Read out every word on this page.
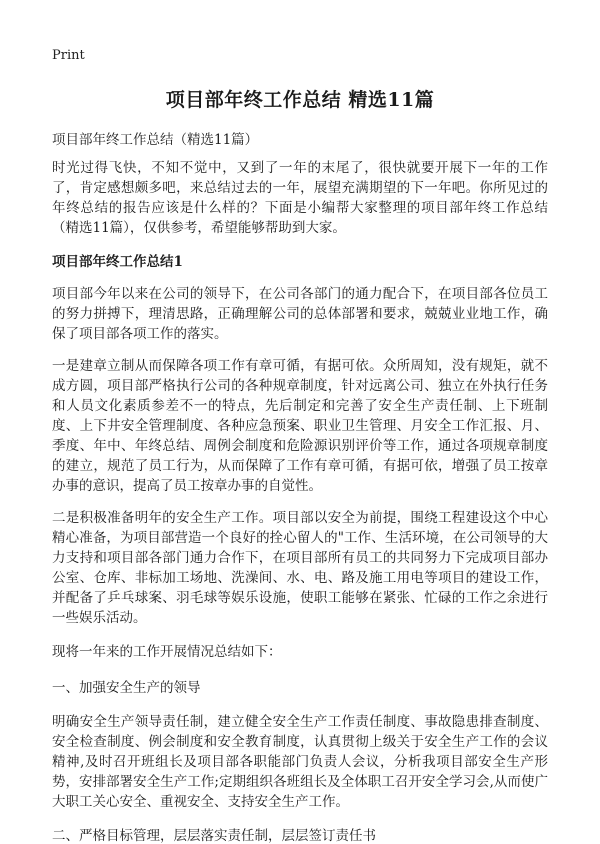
Print
项目部年终工作总结 精选11篇
项目部年终工作总结（精选11篇）

时光过得飞快，不知不觉中，又到了一年的末尾了，很快就要开展下一年的工作了，肯定感想颇多吧，来总结过去的一年，展望充满期望的下一年吧。你所见过的年终总结的报告应该是什么样的？下面是小编帮大家整理的项目部年终工作总结（精选11篇），仅供参考，希望能够帮助到大家。

项目部年终工作总结1

项目部今年以来在公司的领导下，在公司各部门的通力配合下，在项目部各位员工的努力拼搏下，理清思路，正确理解公司的总体部署和要求，兢兢业业地工作，确保了项目部各项工作的落实。

一是建章立制从而保障各项工作有章可循，有据可依。众所周知，没有规矩，就不成方圆，项目部严格执行公司的各种规章制度，针对远离公司、独立在外执行任务和人员文化素质参差不一的特点，先后制定和完善了安全生产责任制、上下班制度、上下井安全管理制度、各种应急预案、职业卫生管理、月安全工作汇报、月、季度、年中、年终总结、周例会制度和危险源识别评价等工作，通过各项规章制度的建立，规范了员工行为，从而保障了工作有章可循，有据可依，增强了员工按章办事的意识，提高了员工按章办事的自觉性。

二是积极准备明年的安全生产工作。项目部以安全为前提，围绕工程建设这个中心精心准备，为项目部营造一个良好的拴心留人的"工作、生活环境，在公司领导的大力支持和项目部各部门通力合作下，在项目部所有员工的共同努力下完成项目部办公室、仓库、非标加工场地、洗澡间、水、电、路及施工用电等项目的建设工作，并配备了乒乓球案、羽毛球等娱乐设施，使职工能够在紧张、忙碌的工作之余进行一些娱乐活动。

现将一年来的工作开展情况总结如下：
一、加强安全生产的领导

明确安全生产领导责任制，建立健全安全生产工作责任制度、事故隐患排查制度、安全检查制度、例会制度和安全教育制度，认真贯彻上级关于安全生产工作的会议精神,及时召开班组长及项目部各职能部门负责人会议，分析我项目部安全生产形势，安排部署安全生产工作;定期组织各班组长及全体职工召开安全学习会,从而使广大职工关心安全、重视安全、支持安全生产工作。

二、严格目标管理，层层落实责任制，层层签订责任书
